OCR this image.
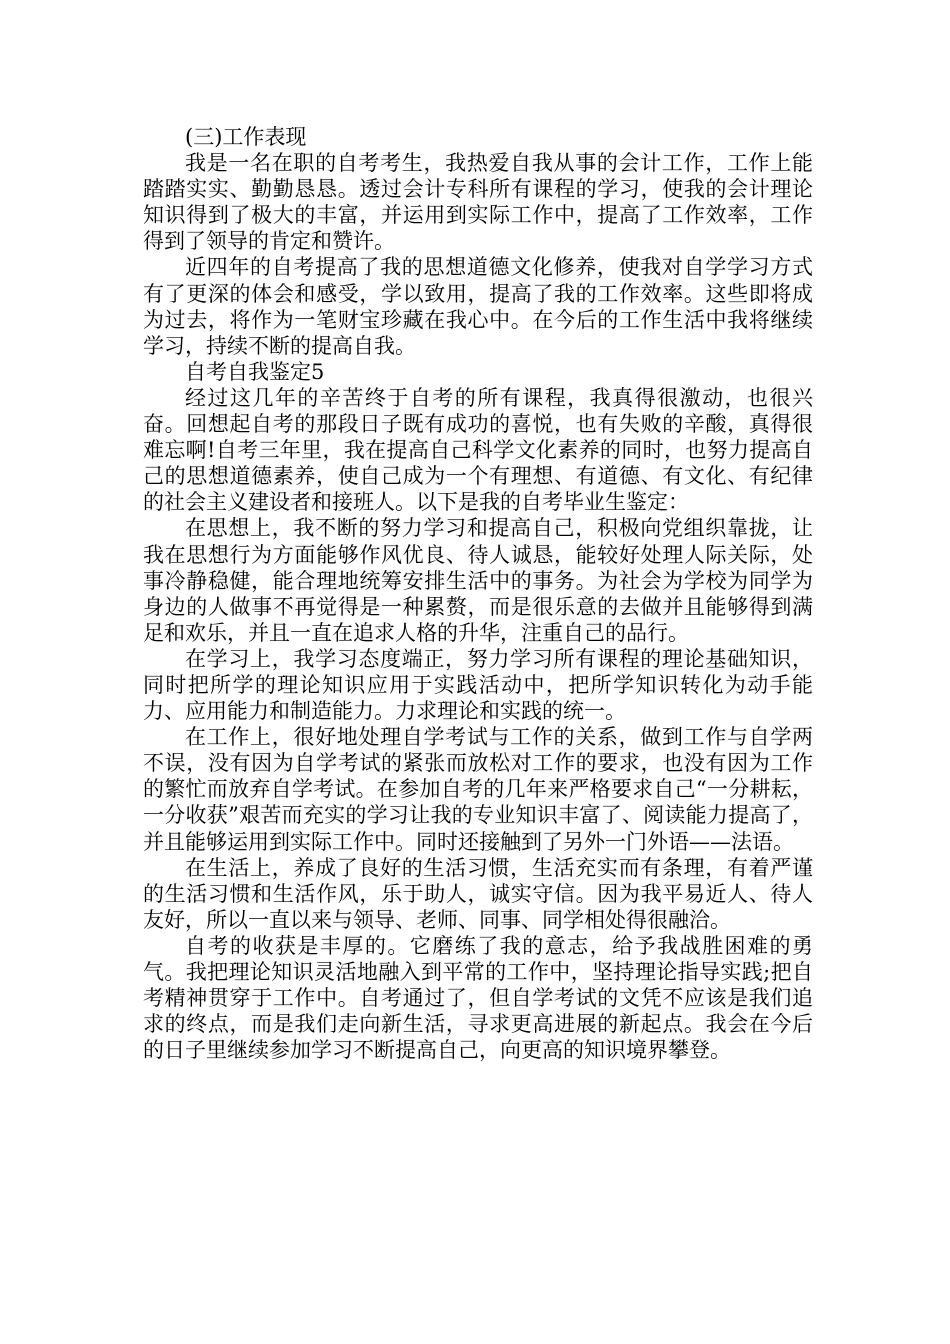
(三)工作表现

我是一名在职的自考考生，我热爱自我从事的会计工作，工作上能踏踏实实、勤勤恳恳。透过会计专科所有课程的学习，使我的会计理论知识得到了极大的丰富，并运用到实际工作中，提高了工作效率，工作得到了领导的肯定和赞许。

近四年的自考提高了我的思想道德文化修养，使我对自学学习方式有了更深的体会和感受，学以致用，提高了我的工作效率。这些即将成为过去，将作为一笔财宝珍藏在我心中。在今后的工作生活中我将继续学习，持续不断的提高自我。

自考自我鉴定5

经过这几年的辛苦终于自考的所有课程，我真得很激动，也很兴奋。回想起自考的那段日子既有成功的喜悦，也有失败的辛酸，真得很难忘啊!自考三年里，我在提高自己科学文化素养的同时，也努力提高自己的思想道德素养，使自己成为一个有理想、有道德、有文化、有纪律的社会主义建设者和接班人。以下是我的自考毕业生鉴定：

在思想上，我不断的努力学习和提高自己，积极向党组织靠拢，让我在思想行为方面能够作风优良、待人诚恳，能较好处理人际关际，处事冷静稳健，能合理地统筹安排生活中的事务。为社会为学校为同学为身边的人做事不再觉得是一种累赘，而是很乐意的去做并且能够得到满足和欢乐，并且一直在追求人格的升华，注重自己的品行。

在学习上，我学习态度端正，努力学习所有课程的理论基础知识，同时把所学的理论知识应用于实践活动中，把所学知识转化为动手能力、应用能力和制造能力。力求理论和实践的统一。

在工作上，很好地处理自学考试与工作的关系，做到工作与自学两不误，没有因为自学考试的紧张而放松对工作的要求，也没有因为工作的繁忙而放弃自学考试。在参加自考的几年来严格要求自己“一分耕耘，一分收获”艰苦而充实的学习让我的专业知识丰富了、阅读能力提高了，并且能够运用到实际工作中。同时还接触到了另外一门外语——法语。

在生活上，养成了良好的生活习惯，生活充实而有条理，有着严谨的生活习惯和生活作风，乐于助人，诚实守信。因为我平易近人、待人友好，所以一直以来与领导、老师、同事、同学相处得很融洽。

自考的收获是丰厚的。它磨练了我的意志，给予我战胜困难的勇气。我把理论知识灵活地融入到平常的工作中，坚持理论指导实践;把自考精神贯穿于工作中。自考通过了，但自学考试的文凭不应该是我们追求的终点，而是我们走向新生活，寻求更高进展的新起点。我会在今后的日子里继续参加学习不断提高自己，向更高的知识境界攀登。
